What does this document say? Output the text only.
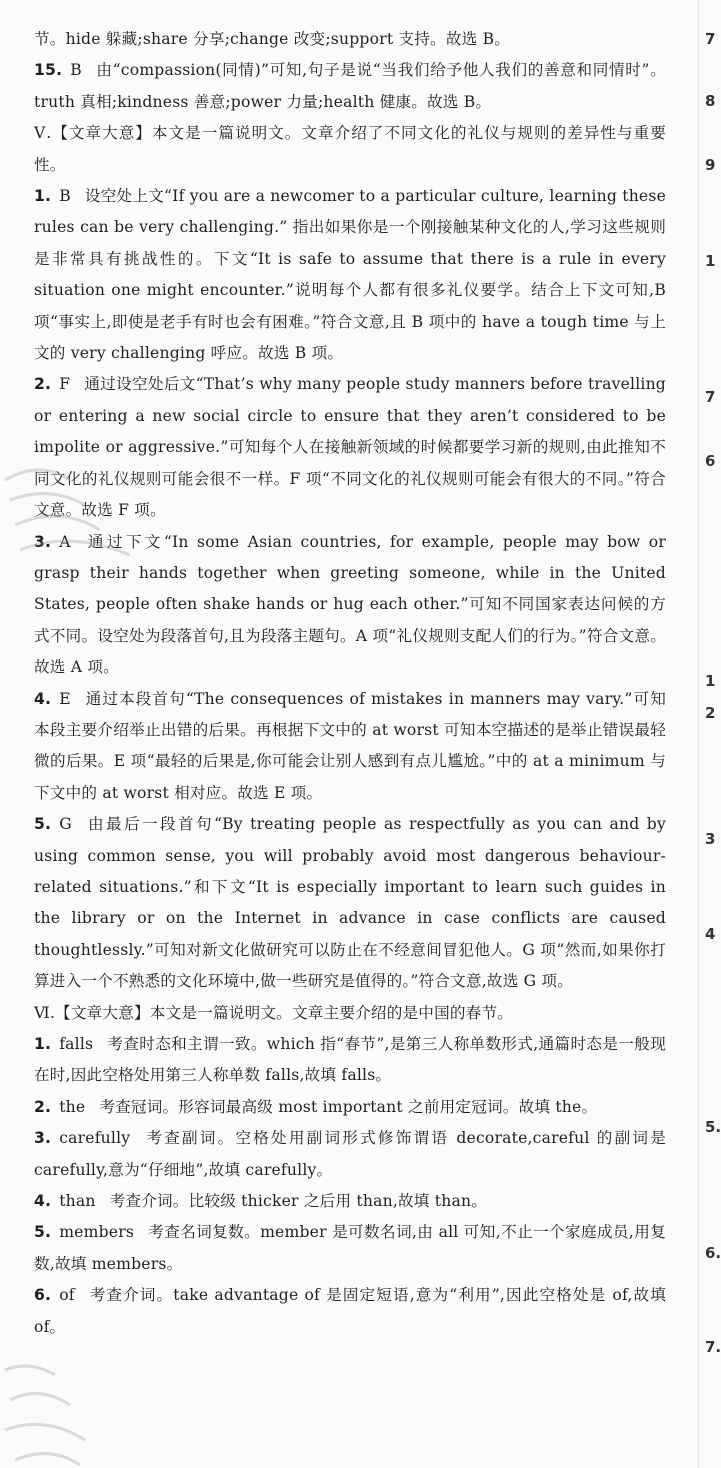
节。hide 躲藏;share 分享;change 改变;support 支持。故选 B。

15. B 由“compassion(同情)”可知,句子是说“当我们给予他人我们的善意和同情时”。truth 真相;kindness 善意;power 力量;health 健康。故选 B。

Ⅴ.【文章大意】本文是一篇说明文。文章介绍了不同文化的礼仪与规则的差异性与重要性。

1. B 设空处上文“If you are a newcomer to a particular culture, learning these rules can be very challenging.” 指出如果你是一个刚接触某种文化的人,学习这些规则是非常具有挑战性的。下文“It is safe to assume that there is a rule in every situation one might encounter.”说明每个人都有很多礼仪要学。结合上下文可知,B 项“事实上,即使是老手有时也会有困难。”符合文意,且 B 项中的 have a tough time 与上文的 very challenging 呼应。故选 B 项。

2. F 通过设空处后文“That’s why many people study manners before travelling or entering a new social circle to ensure that they aren’t considered to be impolite or aggressive.”可知每个人在接触新领域的时候都要学习新的规则,由此推知不同文化的礼仪规则可能会很不一样。F 项“不同文化的礼仪规则可能会有很大的不同。”符合文意。故选 F 项。

3. A 通过下文“In some Asian countries, for example, people may bow or grasp their hands together when greeting someone, while in the United States, people often shake hands or hug each other.”可知不同国家表达问候的方式不同。设空处为段落首句,且为段落主题句。A 项“礼仪规则支配人们的行为。”符合文意。故选 A 项。

4. E 通过本段首句“The consequences of mistakes in manners may vary.”可知本段主要介绍举止出错的后果。再根据下文中的 at worst 可知本空描述的是举止错误最轻微的后果。E 项“最轻的后果是,你可能会让别人感到有点儿尴尬。”中的 at a minimum 与下文中的 at worst 相对应。故选 E 项。

5. G 由最后一段首句“By treating people as respectfully as you can and by using common sense, you will probably avoid most dangerous behaviour-related situations.”和下文“It is especially important to learn such guides in the library or on the Internet in advance in case conflicts are caused thoughtlessly.”可知对新文化做研究可以防止在不经意间冒犯他人。G 项“然而,如果你打算进入一个不熟悉的文化环境中,做一些研究是值得的。”符合文意,故选 G 项。

Ⅵ.【文章大意】本文是一篇说明文。文章主要介绍的是中国的春节。

1. falls 考查时态和主谓一致。which 指“春节”,是第三人称单数形式,通篇时态是一般现在时,因此空格处用第三人称单数 falls,故填 falls。

2. the 考查冠词。形容词最高级 most important 之前用定冠词。故填 the。

3. carefully 考查副词。空格处用副词形式修饰谓语 decorate,careful 的副词是 carefully,意为“仔细地”,故填 carefully。

4. than 考查介词。比较级 thicker 之后用 than,故填 than。

5. members 考查名词复数。member 是可数名词,由 all 可知,不止一个家庭成员,用复数,故填 members。

6. of 考查介词。take advantage of 是固定短语,意为“利用”,因此空格处是 of,故填 of。

7
8
9
1
7
6
1
2
3
4
5.
6.
7.
